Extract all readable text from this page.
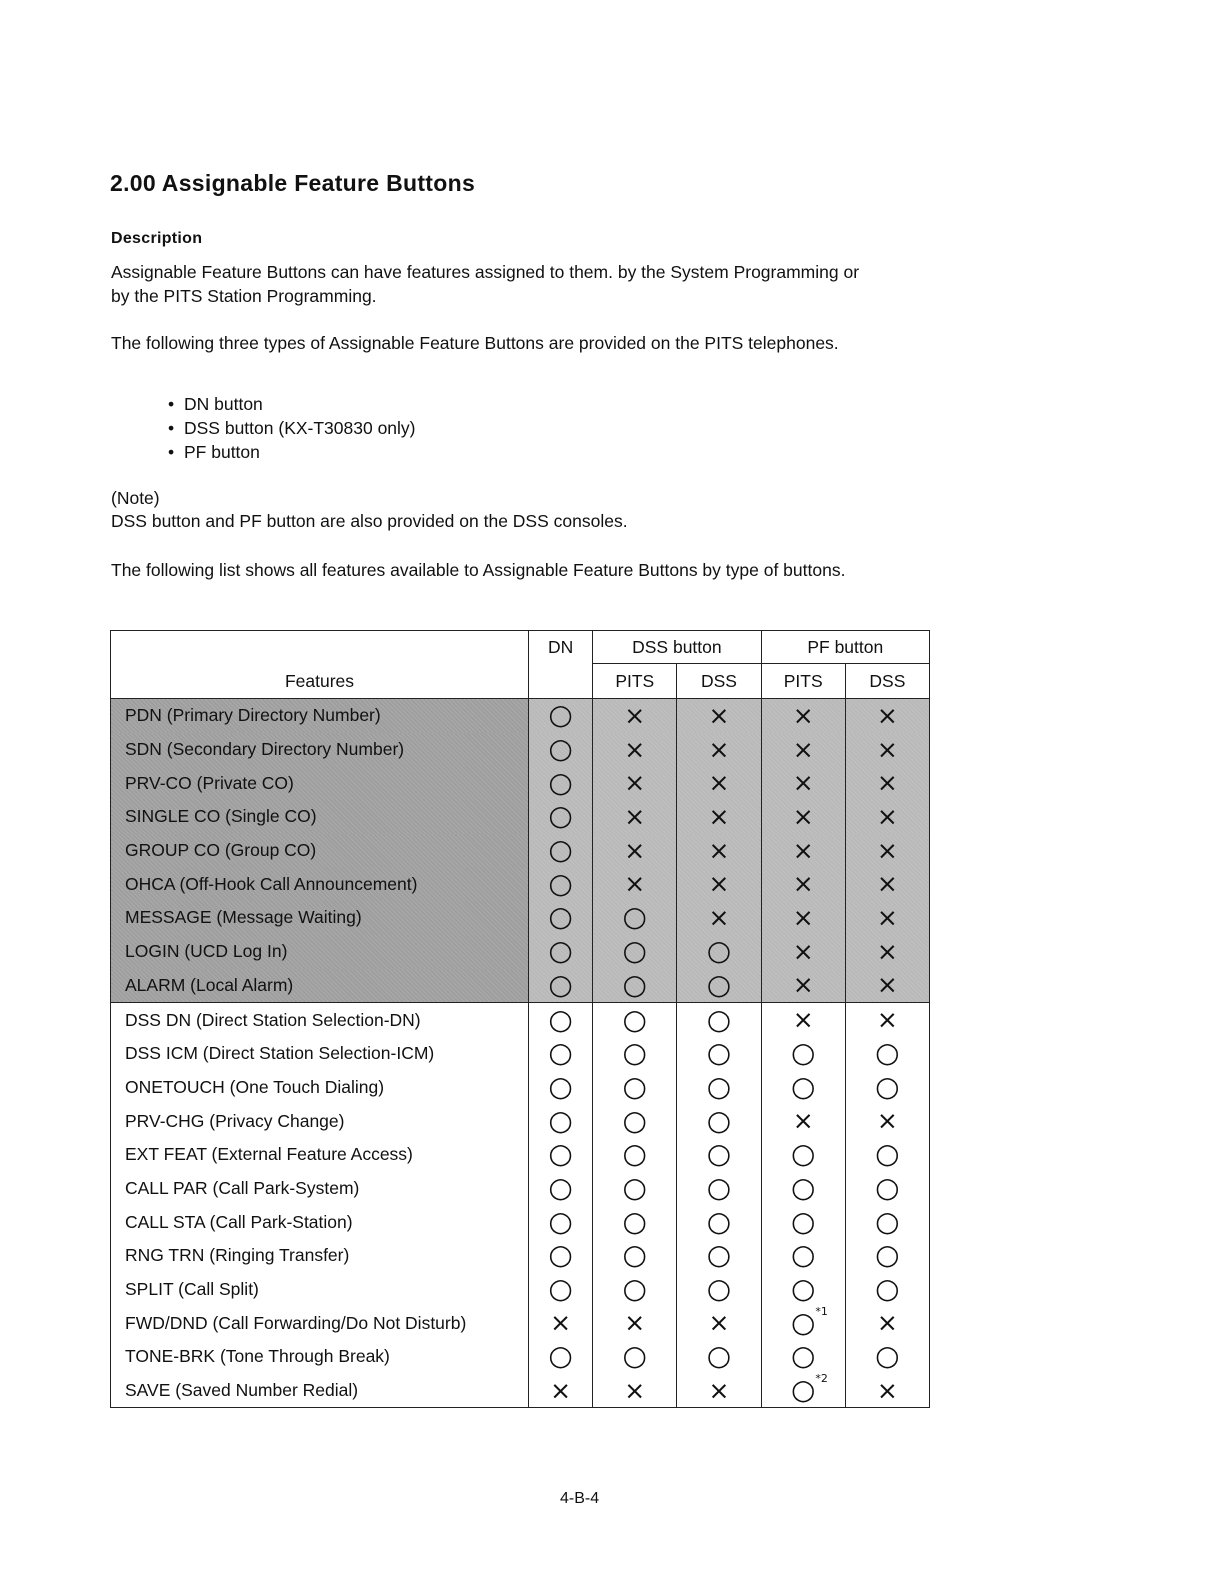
2.00 Assignable Feature Buttons
Description
Assignable Feature Buttons can have features assigned to them. by the System Programming or by the PITS Station Programming.
The following three types of Assignable Feature Buttons are provided on the PITS telephones.
• DN button
• DSS button (KX-T30830 only)
• PF button
(Note)
DSS button and PF button are also provided on the DSS consoles.
The following list shows all features available to Assignable Feature Buttons by type of buttons.
Features	DN	DSS button		PF button	
		PITS	DSS	PITS	DSS
PDN (Primary Directory Number)	○	×	×	×	×
SDN (Secondary Directory Number)	○	×	×	×	×
PRV-CO (Private CO)	○	×	×	×	×
SINGLE CO (Single CO)	○	×	×	×	×
GROUP CO (Group CO)	○	×	×	×	×
OHCA (Off-Hook Call Announcement)	○	×	×	×	×
MESSAGE (Message Waiting)	○	○	×	×	×
LOGIN (UCD Log In)	○	○	○	×	×
ALARM (Local Alarm)	○	○	○	×	×
DSS DN (Direct Station Selection-DN)	○	○	○	×	×
DSS ICM (Direct Station Selection-ICM)	○	○	○	○	○
ONETOUCH (One Touch Dialing)	○	○	○	○	○
PRV-CHG (Privacy Change)	○	○	○	×	×
EXT FEAT (External Feature Access)	○	○	○	○	○
CALL PAR (Call Park-System)	○	○	○	○	○
CALL STA (Call Park-Station)	○	○	○	○	○
RNG TRN (Ringing Transfer)	○	○	○	○	○
SPLIT (Call Split)	○	○	○	○	○
FWD/DND (Call Forwarding/Do Not Disturb)	×	×	×	○ *1	×
TONE-BRK (Tone Through Break)	○	○	○	○	○
SAVE (Saved Number Redial)	×	×	×	○ *2	×
4-B-4
